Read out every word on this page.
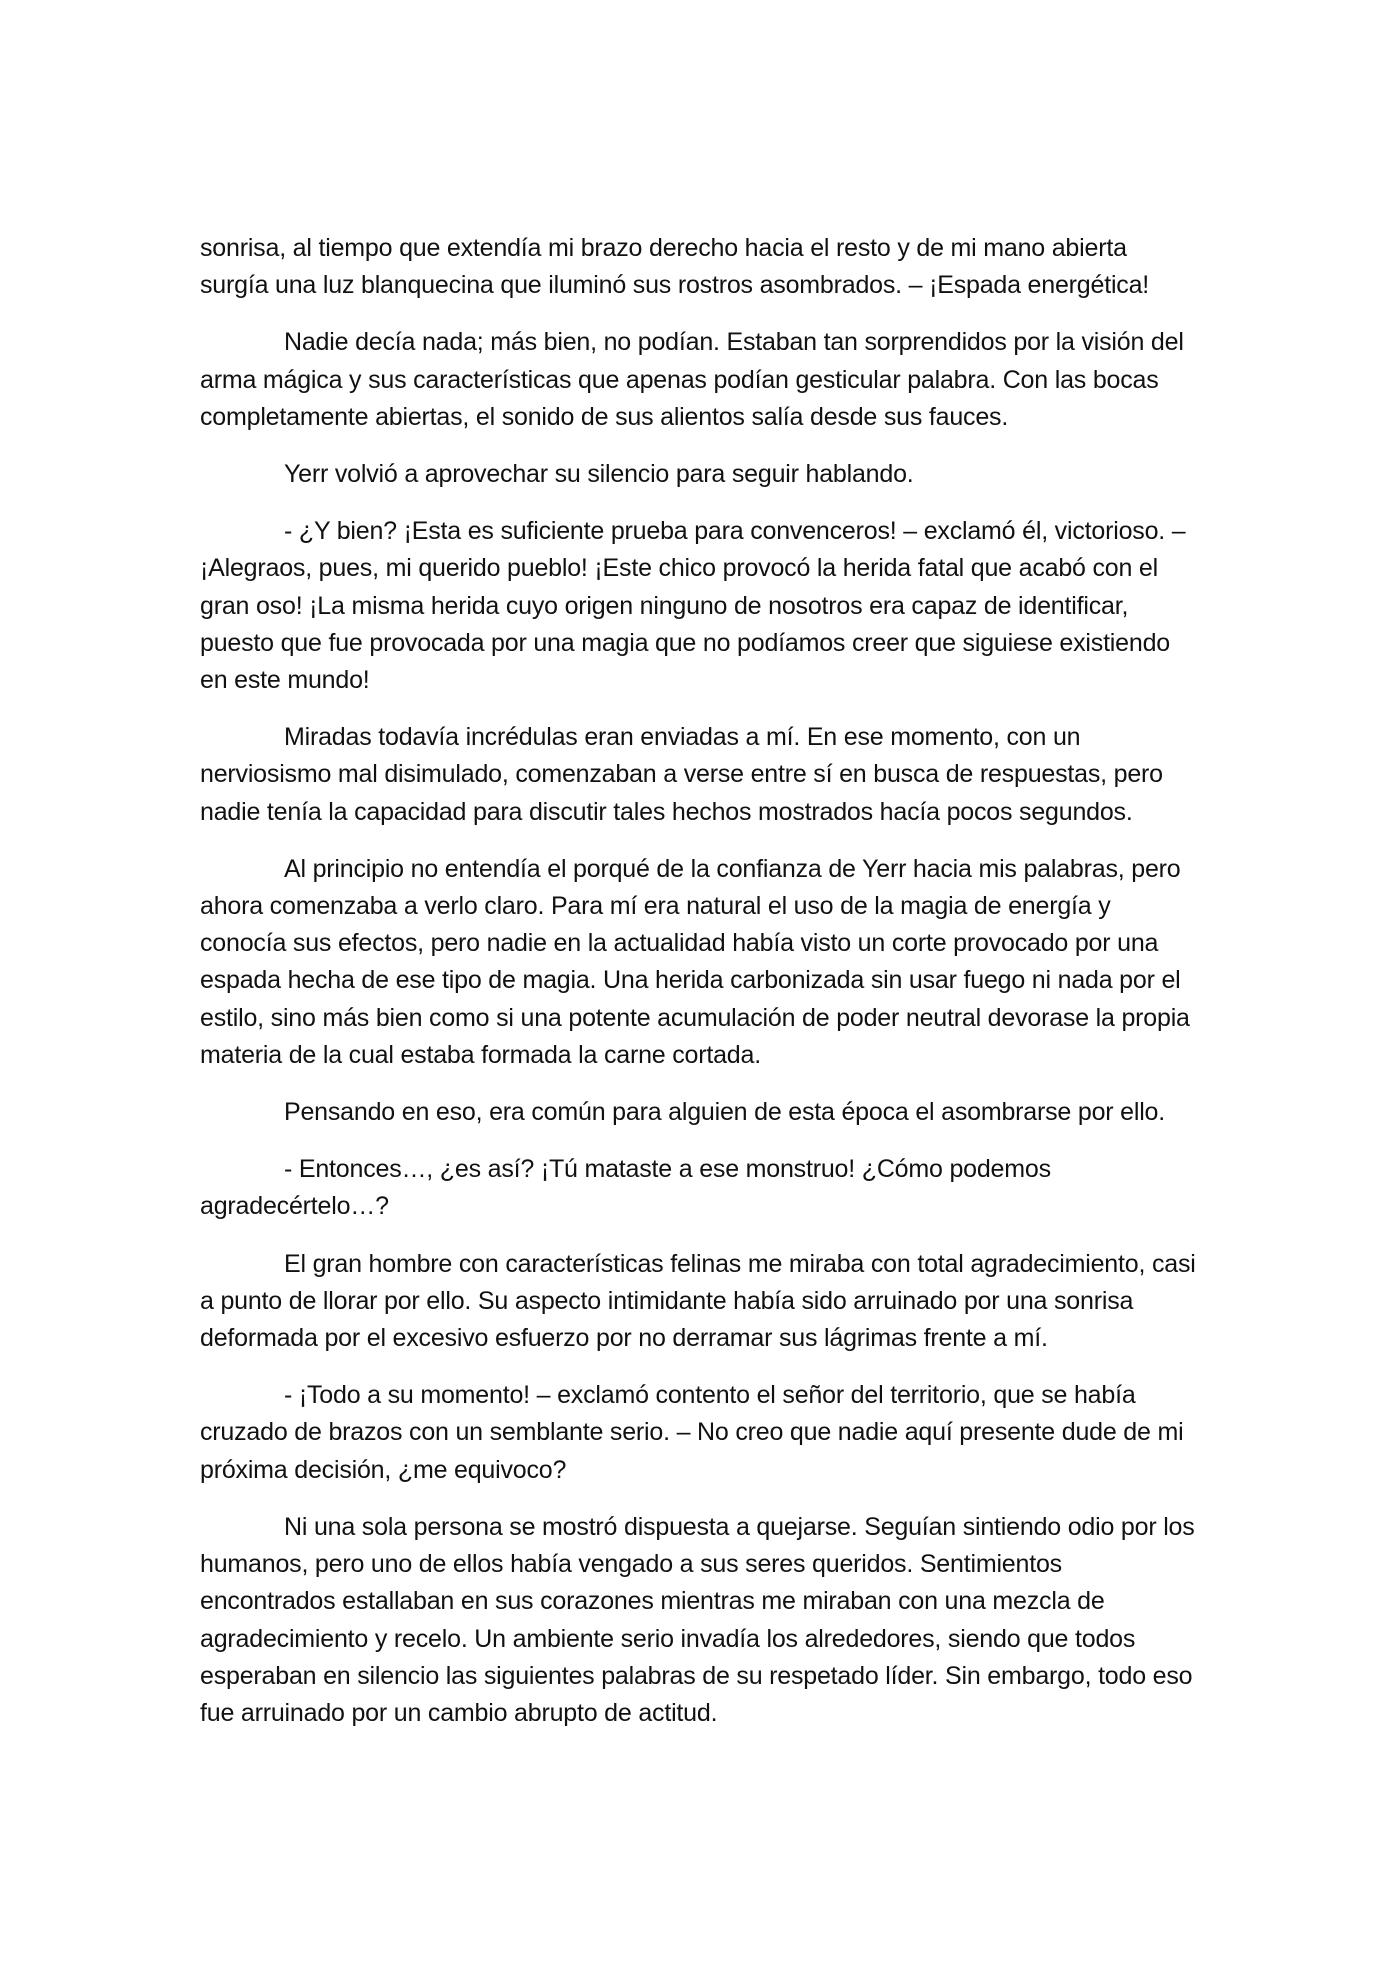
sonrisa, al tiempo que extendía mi brazo derecho hacia el resto y de mi mano abierta surgía una luz blanquecina que iluminó sus rostros asombrados. – ¡Espada energética!

Nadie decía nada; más bien, no podían. Estaban tan sorprendidos por la visión del arma mágica y sus características que apenas podían gesticular palabra. Con las bocas completamente abiertas, el sonido de sus alientos salía desde sus fauces.

Yerr volvió a aprovechar su silencio para seguir hablando.

- ¿Y bien? ¡Esta es suficiente prueba para convenceros! – exclamó él, victorioso. – ¡Alegraos, pues, mi querido pueblo! ¡Este chico provocó la herida fatal que acabó con el gran oso! ¡La misma herida cuyo origen ninguno de nosotros era capaz de identificar, puesto que fue provocada por una magia que no podíamos creer que siguiese existiendo en este mundo!

Miradas todavía incrédulas eran enviadas a mí. En ese momento, con un nerviosismo mal disimulado, comenzaban a verse entre sí en busca de respuestas, pero nadie tenía la capacidad para discutir tales hechos mostrados hacía pocos segundos.

Al principio no entendía el porqué de la confianza de Yerr hacia mis palabras, pero ahora comenzaba a verlo claro. Para mí era natural el uso de la magia de energía y conocía sus efectos, pero nadie en la actualidad había visto un corte provocado por una espada hecha de ese tipo de magia. Una herida carbonizada sin usar fuego ni nada por el estilo, sino más bien como si una potente acumulación de poder neutral devorase la propia materia de la cual estaba formada la carne cortada.

Pensando en eso, era común para alguien de esta época el asombrarse por ello.

- Entonces…, ¿es así? ¡Tú mataste a ese monstruo! ¿Cómo podemos agradecértelo…?

El gran hombre con características felinas me miraba con total agradecimiento, casi a punto de llorar por ello. Su aspecto intimidante había sido arruinado por una sonrisa deformada por el excesivo esfuerzo por no derramar sus lágrimas frente a mí.

- ¡Todo a su momento! – exclamó contento el señor del territorio, que se había cruzado de brazos con un semblante serio. – No creo que nadie aquí presente dude de mi próxima decisión, ¿me equivoco?

Ni una sola persona se mostró dispuesta a quejarse. Seguían sintiendo odio por los humanos, pero uno de ellos había vengado a sus seres queridos. Sentimientos encontrados estallaban en sus corazones mientras me miraban con una mezcla de agradecimiento y recelo. Un ambiente serio invadía los alrededores, siendo que todos esperaban en silencio las siguientes palabras de su respetado líder. Sin embargo, todo eso fue arruinado por un cambio abrupto de actitud.
